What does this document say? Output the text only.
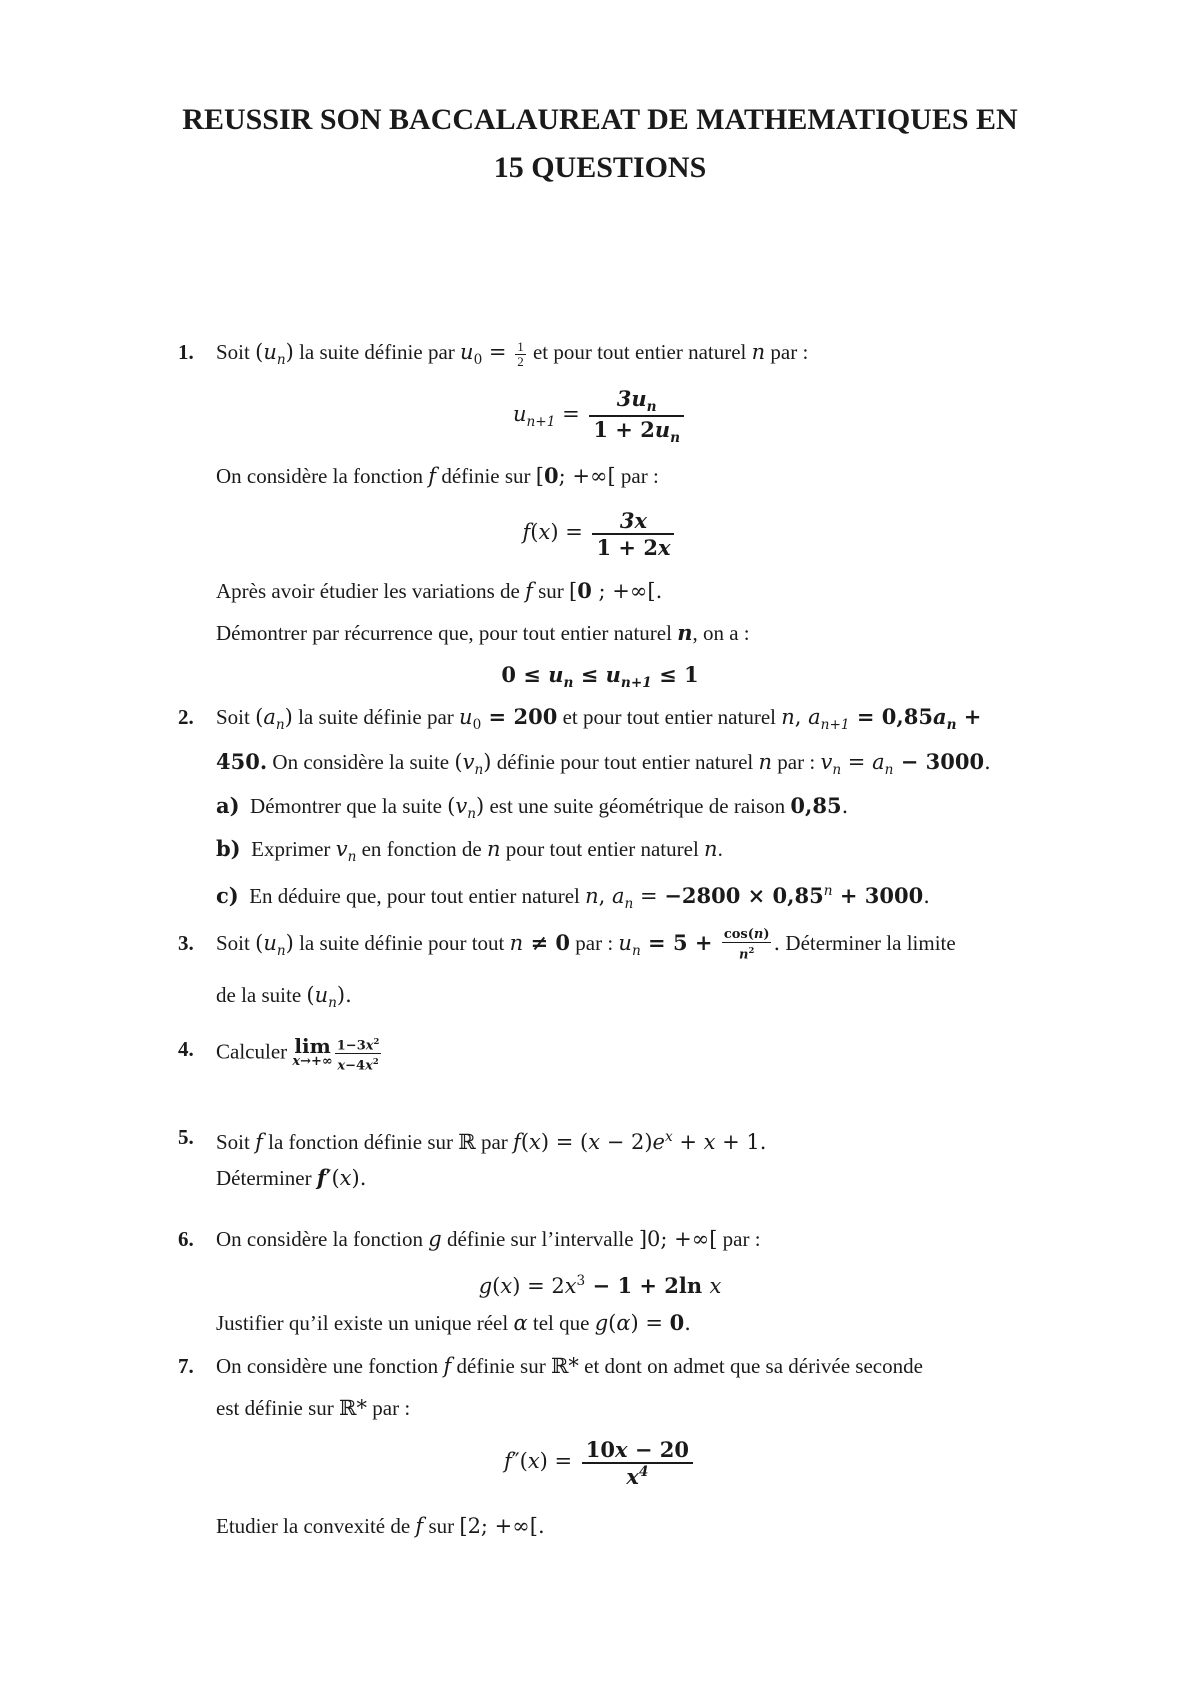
REUSSIR SON BACCALAUREAT DE MATHEMATIQUES EN
15 QUESTIONS
1. Soit $(u_n)$ la suite définie par $u_0 = \frac{1}{2}$ et pour tout entier naturel n par :
$u_{n+1} = \frac{3u_n}{1 + 2u_n}$
On considère la fonction f définie sur [0; +∞[ par :
$f(x) = \frac{3x}{1 + 2x}$
Après avoir étudier les variations de f sur [0 ; +∞[.
Démontrer par récurrence que, pour tout entier naturel n, on a :
$0 \le u_n \le u_{n+1} \le 1$
2. Soit $(a_n)$ la suite définie par $u_0 = 200$ et pour tout entier naturel n, $a_{n+1} = 0,85a_n$ +
450. On considère la suite $(v_n)$ définie pour tout entier naturel n par : $v_n = a_n - 3000$.
a) Démontrer que la suite $(v_n)$ est une suite géométrique de raison 0,85.
b) Exprimer $v_n$ en fonction de n pour tout entier naturel n.
c) En déduire que, pour tout entier naturel n, $a_n = -2800 \times 0,85^n + 3000$.
3. Soit $(u_n)$ la suite définie pour tout n ≠ 0 par : $u_n = 5 + \frac{\cos(n)}{n^2}$ . Déterminer la limite
de la suite $(u_n)$.
4. Calculer lim
$x\to+\infty \frac{1-3x^2}{x-4x^2}$
5. Soit f la fonction définie sur ℝ par $f(x) = (x - 2)e^x + x + 1$.
Déterminer f′(x).
6. On considère la fonction g définie sur l’intervalle ]0; +∞[ par :
$g(x) = 2x^3 - 1 + 2\ln$ x
Justifier qu’il existe un unique réel α tel que g(α) = 0.
7. On considère une fonction f définie sur ℝ* et dont on admet que sa dérivée seconde
est définie sur ℝ* par :
$f''(x) = \frac{10x - 20}{x^4}$
Etudier la convexité de f sur [2; +∞[.
